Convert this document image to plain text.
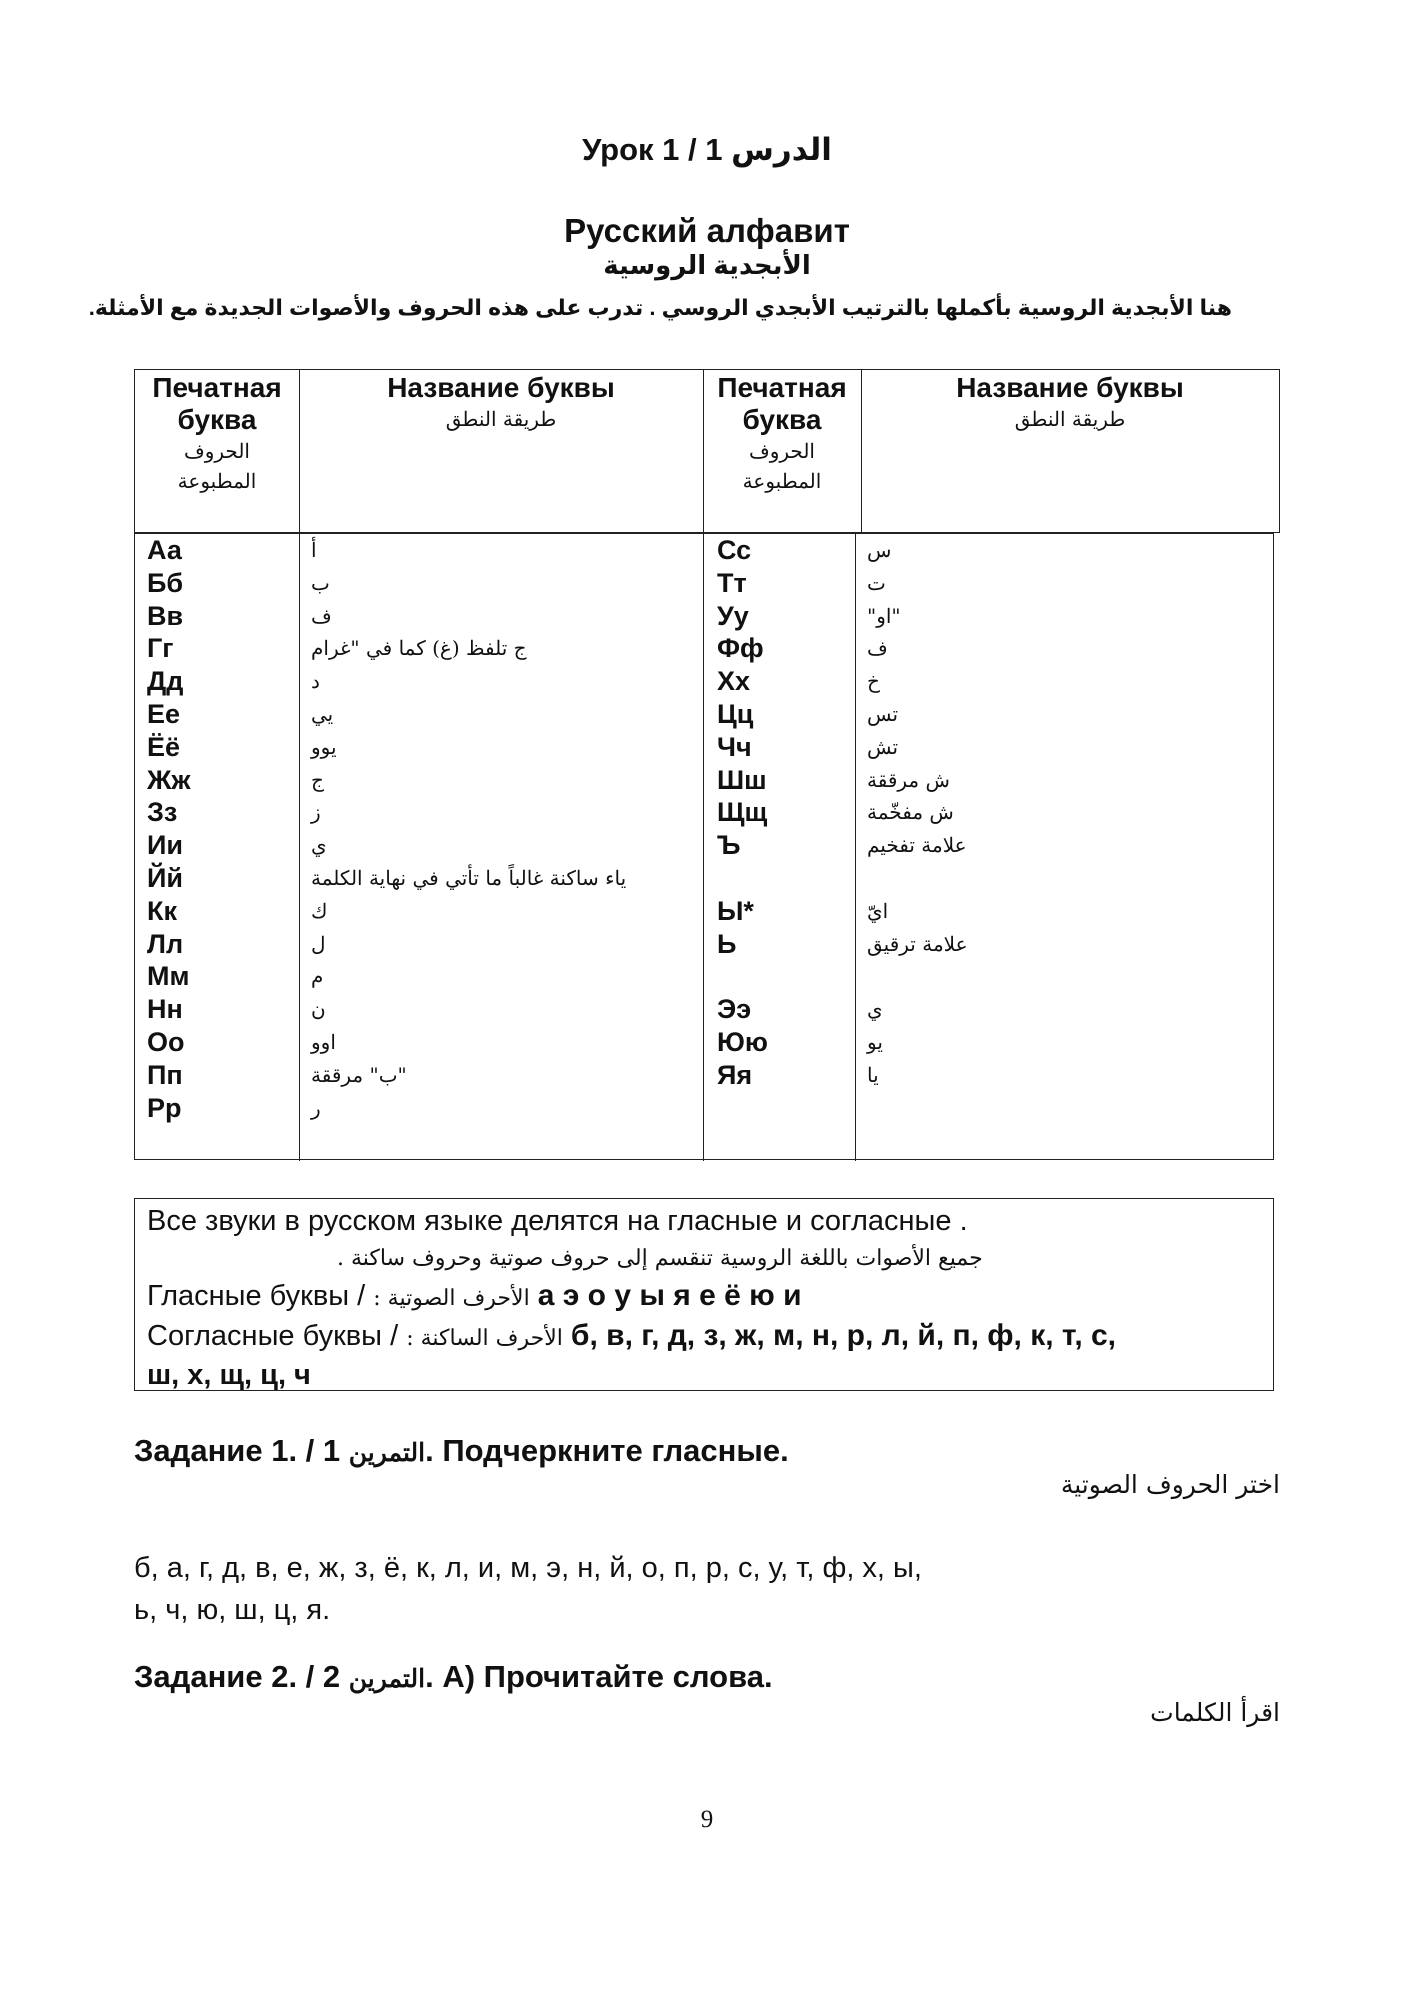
Урок 1 / 1 الدرس
Русский алфавит
الأبجدية الروسية
هنا الأبجدية الروسية بأكملها بالترتيب الأبجدي الروسي . تدرب على هذه الحروف والأصوات الجديدة مع الأمثلة.
Печатная
буква
الحروف
المطبوعة
Название буквы
طريقة النطق
Печатная
буква
الحروف
المطبوعة
Название буквы
طريقة النطق
Аа
Бб
Вв
Гг
Дд
Ее
Ёё
Жж
Зз
Ии
Йй
Кк
Лл
Мм
Нн
Оо
Пп
Рр
أ
ب
ف
ج تلفظ (غ) كما في "غرام
د
يي
يوو
ج
ز
ي
ياء ساكنة غالباً ما تأتي في نهاية الكلمة
ك
ل
م
ن
اوو
"ب" مرققة
ر
Сс
Тт
Уу
Фф
Хх
Цц
Чч
Шш
Щщ
Ъ
Ы*
Ь
Ээ
Юю
Яя
س
ت
"او"
ف
خ
تس
تش
ش مرققة
ش مفخّمة
علامة تفخيم
ايّ
علامة ترقيق
ي
يو
يا
Все звуки в русском языке делятся на гласные и согласные .
جميع الأصوات باللغة الروسية تنقسم إلى حروف صوتية وحروف ساكنة .
Гласные буквы / الأحرف الصوتية : а э о у ы я е ё ю и
Согласные буквы / الأحرف الساكنة : б, в, г, д, з, ж, м, н, р, л, й, п, ф, к, т, с,
ш, х, щ, ц, ч
Задание 1. / 1 التمرين. Подчеркните гласные.
اختر الحروف الصوتية
б, а, г, д, в, е, ж, з, ё, к, л, и, м, э, н, й, о, п, р, с, у, т, ф, х, ы,
ь, ч, ю, ш, ц, я.
Задание 2. / 2 التمرين. А) Прочитайте слова.
اقرأ الكلمات
9
